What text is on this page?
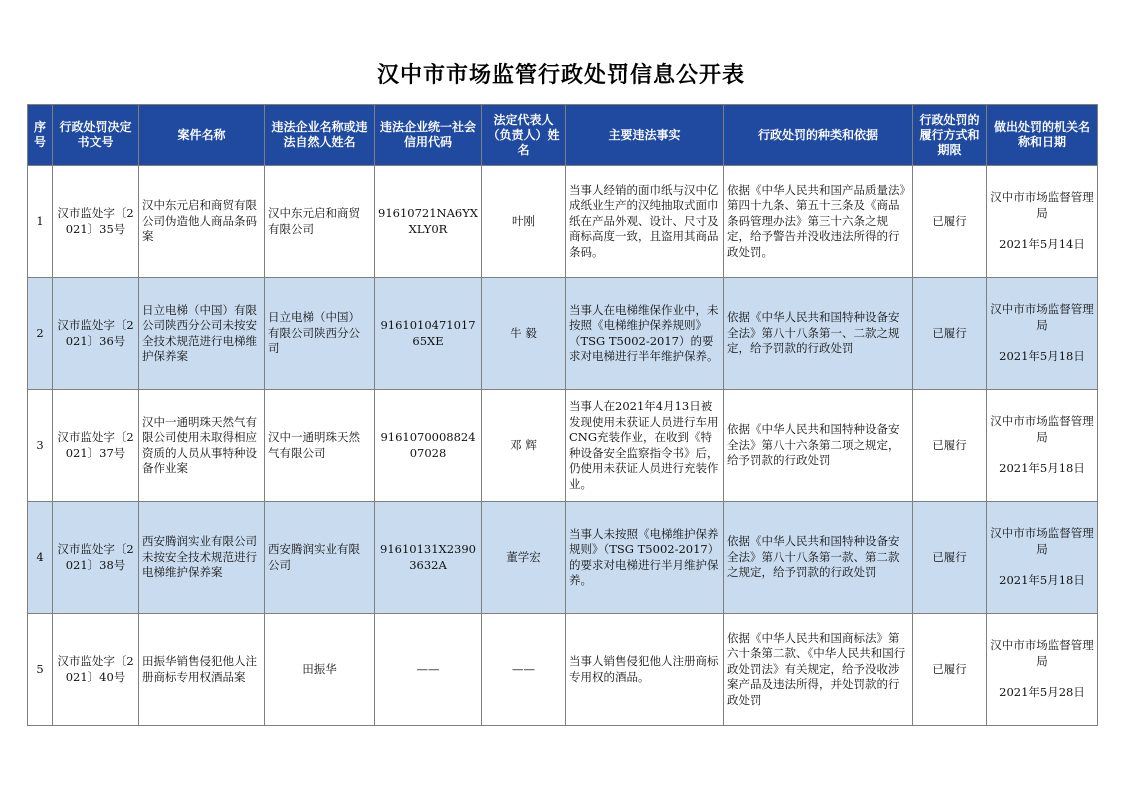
汉中市市场监管行政处罚信息公开表
序号	行政处罚决定书文号	案件名称	违法企业名称或违法自然人姓名	违法企业统一社会信用代码	法定代表人（负责人）姓名	主要违法事实	行政处罚的种类和依据	行政处罚的履行方式和期限	做出处罚的机关名称和日期
1	汉市监处字〔2021〕35号	汉中东元启和商贸有限公司伪造他人商品条码案	汉中东元启和商贸有限公司	91610721NA6YXXLY0R	叶刚	当事人经销的面巾纸与汉中亿成纸业生产的汉纯抽取式面巾纸在产品外观、设计、尺寸及商标高度一致，且盗用其商品条码。	依据《中华人民共和国产品质量法》第四十九条、第五十三条及《商品条码管理办法》第三十六条之规定，给予警告并没收违法所得的行政处罚。	已履行	汉中市市场监督管理局
2021年5月14日

2	汉市监处字〔2021〕36号	日立电梯（中国）有限公司陕西分公司未按安全技术规范进行电梯维护保养案	日立电梯（中国）有限公司陕西分公司	916101047101765XE	牛 毅	当事人在电梯维保作业中，未按照《电梯维护保养规则》（TSG T5002-2017）的要求对电梯进行半年维护保养。	依据《中华人民共和国特种设备安全法》第八十八条第一、二款之规定，给予罚款的行政处罚	已履行	汉中市市场监督管理局
2021年5月18日

3	汉市监处字〔2021〕37号	汉中一通明珠天然气有限公司使用未取得相应资质的人员从事特种设备作业案	汉中一通明珠天然气有限公司	916107000882407028	邓 辉	当事人在2021年4月13日被发现使用未获证人员进行车用CNG充装作业，在收到《特种设备安全监察指令书》后，仍使用未获证人员进行充装作业。	依据《中华人民共和国特种设备安全法》第八十六条第二项之规定，给予罚款的行政处罚	已履行	汉中市市场监督管理局
2021年5月18日

4	汉市监处字〔2021〕38号	西安腾润实业有限公司未按安全技术规范进行电梯维护保养案	西安腾润实业有限公司	91610131X23903632A	董学宏	当事人未按照《电梯维护保养规则》（TSG T5002-2017）的要求对电梯进行半月维护保养。	依据《中华人民共和国特种设备安全法》第八十八条第一款、第二款之规定，给予罚款的行政处罚	已履行	汉中市市场监督管理局
2021年5月18日

5	汉市监处字〔2021〕40号	田振华销售侵犯他人注册商标专用权酒品案	田振华	——	——	当事人销售侵犯他人注册商标专用权的酒品。	依据《中华人民共和国商标法》第六十条第二款、《中华人民共和国行政处罚法》有关规定，给予没收涉案产品及违法所得，并处罚款的行政处罚	已履行	汉中市市场监督管理局
2021年5月28日
